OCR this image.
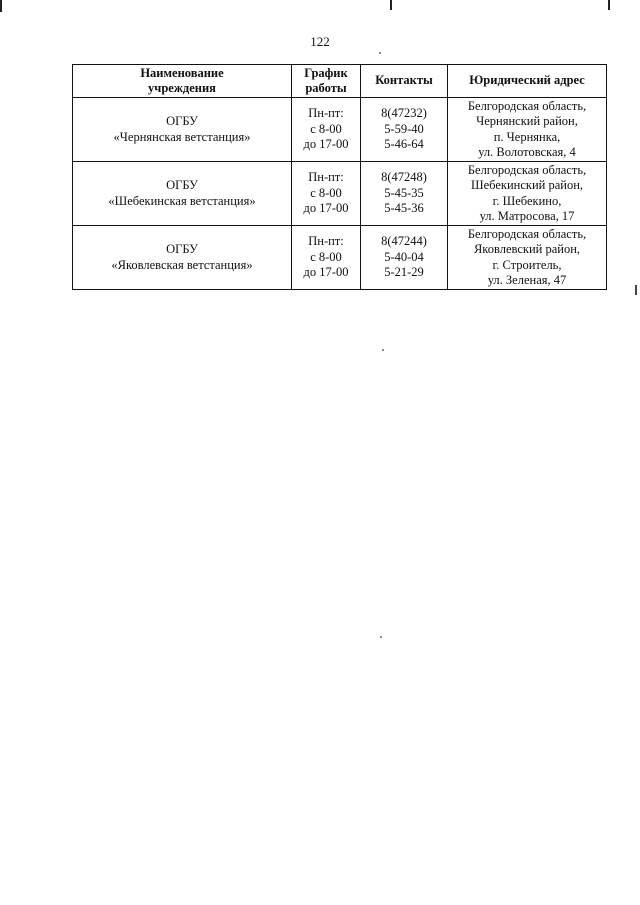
122
Наименование
учреждения	График
работы	Контакты	Юридический адрес

ОГБУ
«Чернянская ветстанция»	Пн-пт:
с 8-00
до 17-00	8(47232)
5-59-40
5-46-64	Белгородская область,
Чернянский район,
п. Чернянка,
ул. Волотовская, 4

ОГБУ
«Шебекинская ветстанция»	Пн-пт:
с 8-00
до 17-00	8(47248)
5-45-35
5-45-36	Белгородская область,
Шебекинский район,
г. Шебекино,
ул. Матросова, 17

ОГБУ
«Яковлевская ветстанция»	Пн-пт:
с 8-00
до 17-00	8(47244)
5-40-04
5-21-29	Белгородская область,
Яковлевский район,
г. Строитель,
ул. Зеленая, 47
